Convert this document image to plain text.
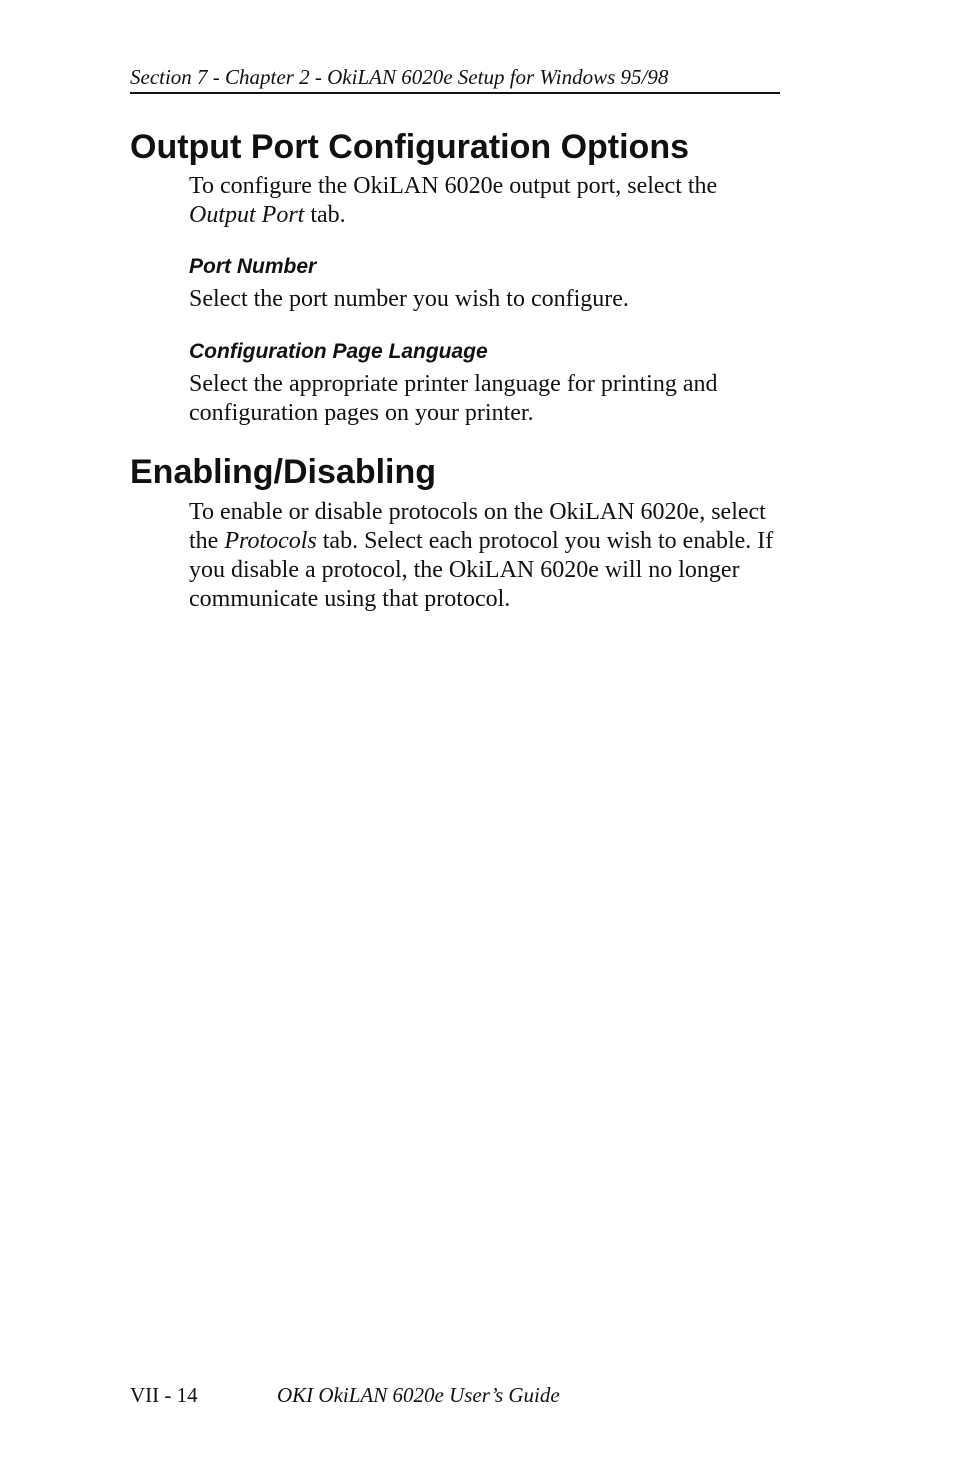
Section 7 - Chapter 2 - OkiLAN 6020e Setup for Windows 95/98
Output Port Configuration Options

To configure the OkiLAN 6020e output port, select the
Output Port tab.

Port Number

Select the port number you wish to configure.

Configuration Page Language

Select the appropriate printer language for printing and configuration pages on your printer.

Enabling/Disabling

To enable or disable protocols on the OkiLAN 6020e, select the Protocols tab. Select each protocol you wish to enable. If you disable a protocol, the OkiLAN 6020e will no longer communicate using that protocol.

VII - 14	OKI OkiLAN 6020e User’s Guide
